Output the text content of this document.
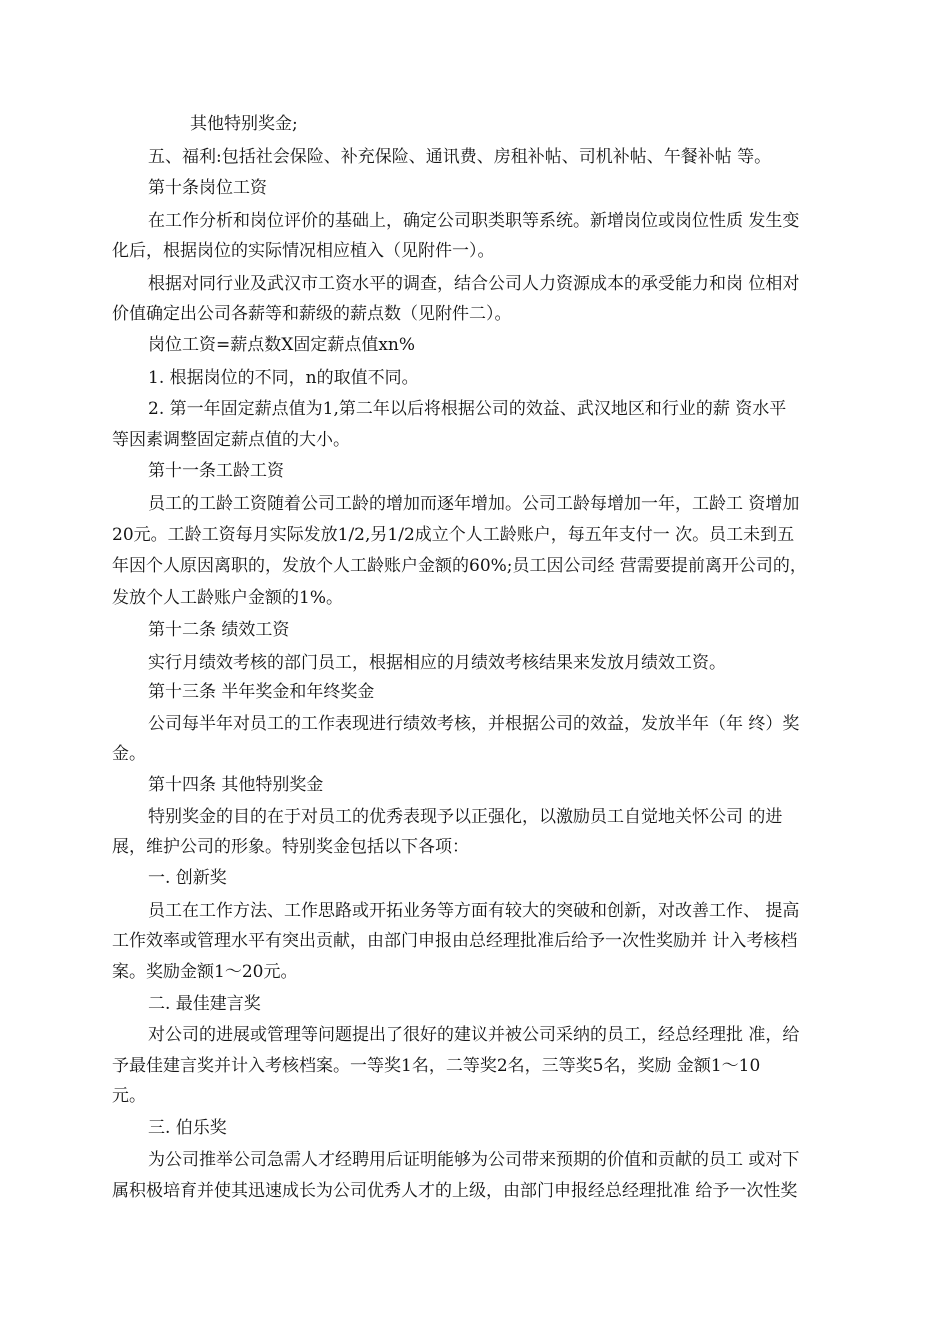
其他特别奖金;
五、福利:包括社会保险、补充保险、通讯费、房租补帖、司机补帖、午餐补帖 等。
第十条岗位工资
在工作分析和岗位评价的基础上，确定公司职类职等系统。新增岗位或岗位性质 发生变
化后，根据岗位的实际情况相应植入（见附件一）。
根据对同行业及武汉市工资水平的调查，结合公司人力资源成本的承受能力和岗 位相对
价值确定出公司各薪等和薪级的薪点数（见附件二）。
岗位工资=薪点数X固定薪点值xn%
1. 根据岗位的不同，n的取值不同。
2. 第一年固定薪点值为1,第二年以后将根据公司的效益、武汉地区和行业的薪 资水平
等因素调整固定薪点值的大小。
第十一条工龄工资
员工的工龄工资随着公司工龄的增加而逐年增加。公司工龄每增加一年，工龄工 资增加
20元。工龄工资每月实际发放1/2,另1/2成立个人工龄账户，每五年支付一 次。员工未到五
年因个人原因离职的，发放个人工龄账户金额的60%;员工因公司经 营需要提前离开公司的，
发放个人工龄账户金额的1%。
第十二条 绩效工资
实行月绩效考核的部门员工，根据相应的月绩效考核结果来发放月绩效工资。
第十三条 半年奖金和年终奖金
公司每半年对员工的工作表现进行绩效考核，并根据公司的效益，发放半年（年 终）奖
金。
第十四条 其他特别奖金
特别奖金的目的在于对员工的优秀表现予以正强化，以激励员工自觉地关怀公司 的进
展，维护公司的形象。特别奖金包括以下各项：
一. 创新奖
员工在工作方法、工作思路或开拓业务等方面有较大的突破和创新，对改善工作、 提高
工作效率或管理水平有突出贡献，由部门申报由总经理批准后给予一次性奖励并 计入考核档
案。奖励金额1〜20元。
二. 最佳建言奖
对公司的进展或管理等问题提出了很好的建议并被公司采纳的员工，经总经理批 准，给
予最佳建言奖并计入考核档案。一等奖1名，二等奖2名，三等奖5名，奖励 金额1〜10
元。
三. 伯乐奖
为公司推举公司急需人才经聘用后证明能够为公司带来预期的价值和贡献的员工 或对下
属积极培育并使其迅速成长为公司优秀人才的上级，由部门申报经总经理批准 给予一次性奖
